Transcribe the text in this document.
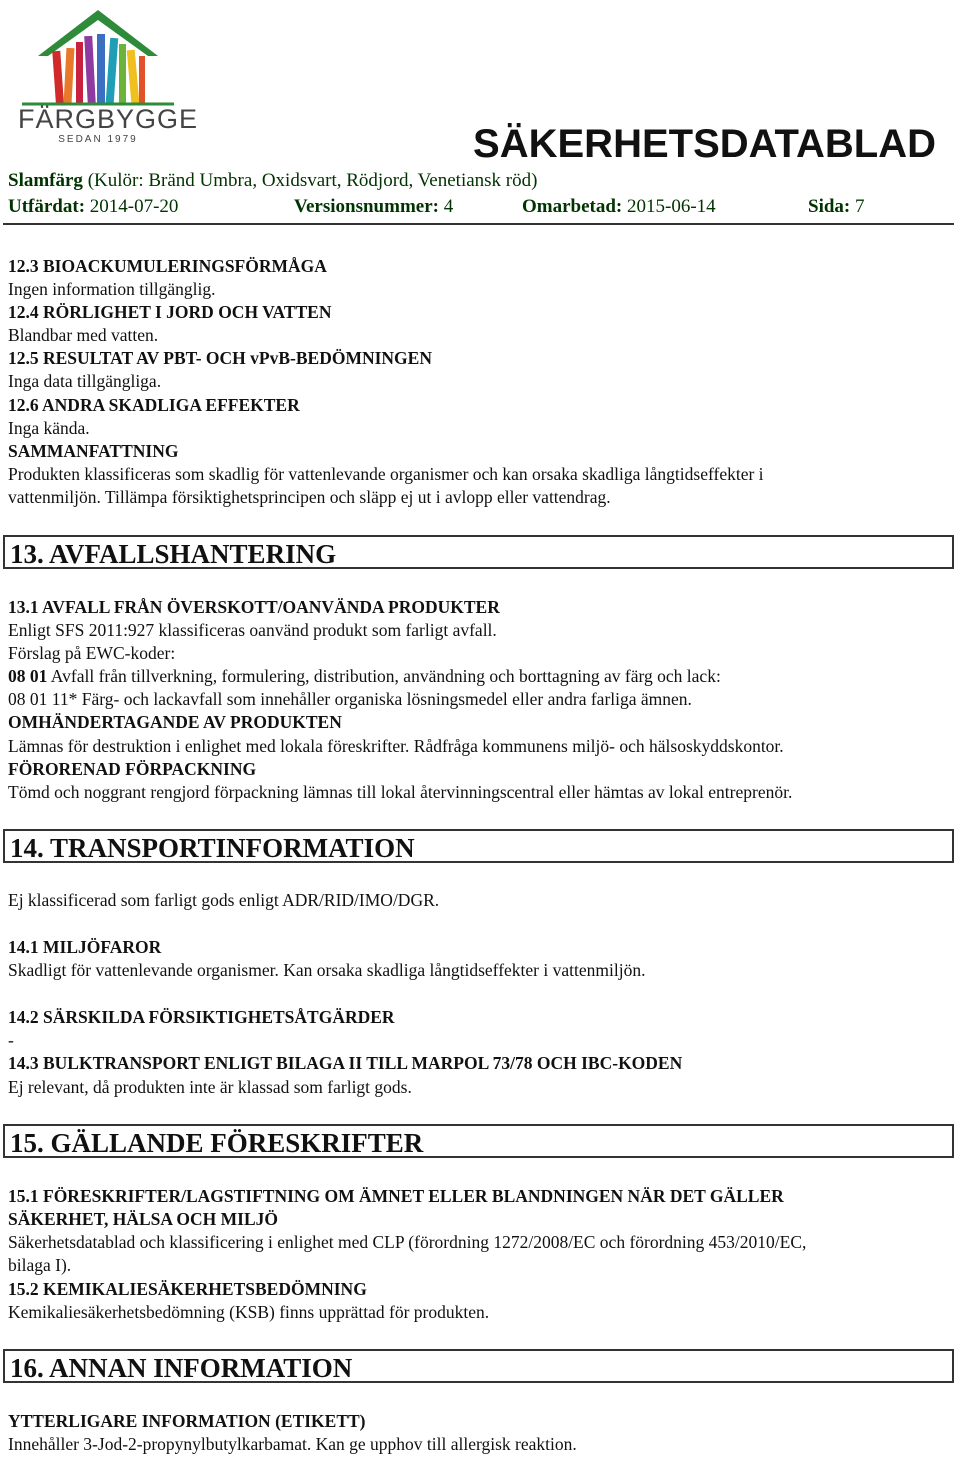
FÄRGBYGGE
SEDAN 1979	SÄKERHETSDATABLAD
Slamfärg (Kulör: Bränd Umbra, Oxidsvart, Rödjord, Venetiansk röd)
Utfärdat: 2014-07-20	Versionsnummer: 4	Omarbetad: 2015-06-14	Sida: 7
12.3 BIOACKUMULERINGSFÖRMÅGA
Ingen information tillgänglig.
12.4 RÖRLIGHET I JORD OCH VATTEN
Blandbar med vatten.
12.5 RESULTAT AV PBT- OCH vPvB-BEDÖMNINGEN
Inga data tillgängliga.
12.6 ANDRA SKADLIGA EFFEKTER
Inga kända.
SAMMANFATTNING
Produkten klassificeras som skadlig för vattenlevande organismer och kan orsaka skadliga långtidseffekter i
vattenmiljön. Tillämpa försiktighetsprincipen och släpp ej ut i avlopp eller vattendrag.
13. AVFALLSHANTERING
13.1 AVFALL FRÅN ÖVERSKOTT/OANVÄNDA PRODUKTER
Enligt SFS 2011:927 klassificeras oanvänd produkt som farligt avfall.
Förslag på EWC-koder:
08 01 Avfall från tillverkning, formulering, distribution, användning och borttagning av färg och lack:
08 01 11* Färg- och lackavfall som innehåller organiska lösningsmedel eller andra farliga ämnen.
OMHÄNDERTAGANDE AV PRODUKTEN
Lämnas för destruktion i enlighet med lokala föreskrifter. Rådfråga kommunens miljö- och hälsoskyddskontor.
FÖRORENAD FÖRPACKNING
Tömd och noggrant rengjord förpackning lämnas till lokal återvinningscentral eller hämtas av lokal entreprenör.
14. TRANSPORTINFORMATION
Ej klassificerad som farligt gods enligt ADR/RID/IMO/DGR.
14.1 MILJÖFAROR
Skadligt för vattenlevande organismer. Kan orsaka skadliga långtidseffekter i vattenmiljön.
14.2 SÄRSKILDA FÖRSIKTIGHETSÅTGÄRDER
-
14.3 BULKTRANSPORT ENLIGT BILAGA II TILL MARPOL 73/78 OCH IBC-KODEN
Ej relevant, då produkten inte är klassad som farligt gods.
15. GÄLLANDE FÖRESKRIFTER
15.1 FÖRESKRIFTER/LAGSTIFTNING OM ÄMNET ELLER BLANDNINGEN NÄR DET GÄLLER
SÄKERHET, HÄLSA OCH MILJÖ
Säkerhetsdatablad och klassificering i enlighet med CLP (förordning 1272/2008/EC och förordning 453/2010/EC,
bilaga I).
15.2 KEMIKALIESÄKERHETSBEDÖMNING
Kemikaliesäkerhetsbedömning (KSB) finns upprättad för produkten.
16. ANNAN INFORMATION
YTTERLIGARE INFORMATION (ETIKETT)
Innehåller 3-Jod-2-propynylbutylkarbamat. Kan ge upphov till allergisk reaktion.
